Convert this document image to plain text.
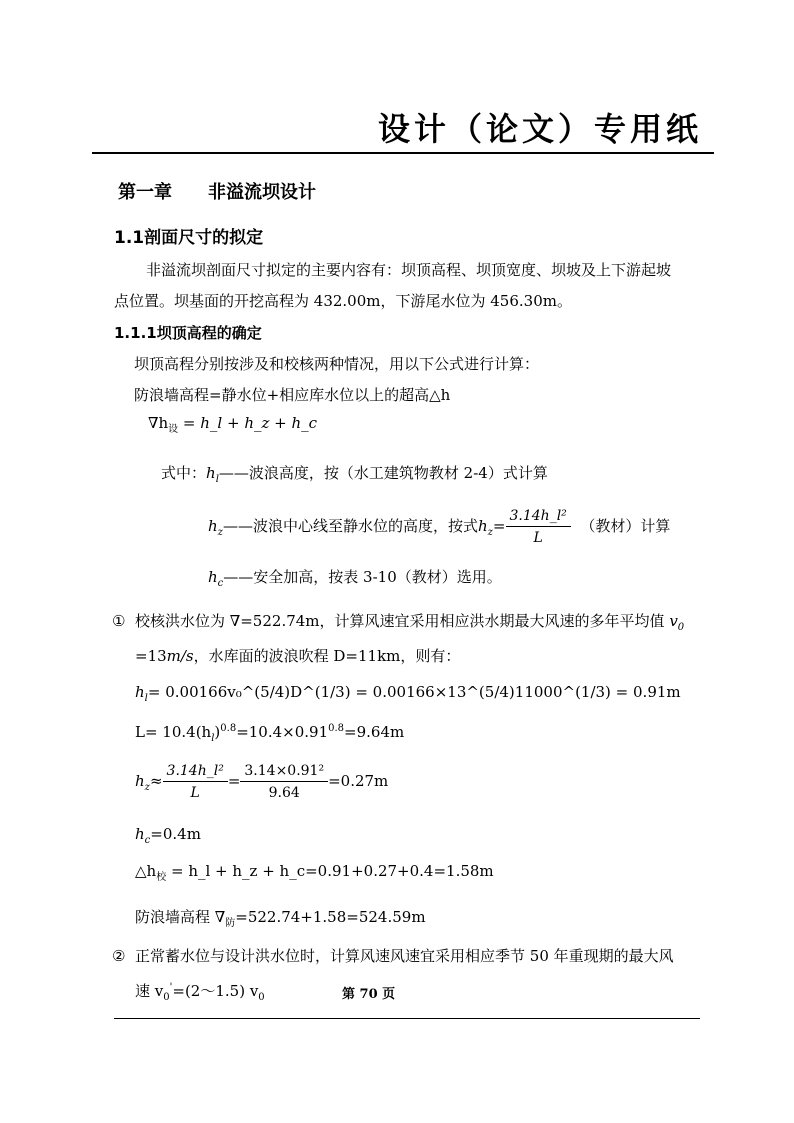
设计（论文）专用纸
第一章　　非溢流坝设计
1.1剖面尺寸的拟定
非溢流坝剖面尺寸拟定的主要内容有：坝顶高程、坝顶宽度、坝坡及上下游起坡
点位置。坝基面的开挖高程为 432.00m，下游尾水位为 456.30m。
1.1.1坝顶高程的确定
坝顶高程分别按涉及和校核两种情况，用以下公式进行计算：
防浪墙高程=静水位+相应库水位以上的超高△h
$\nabla h_设$ = h_l + h_z + h_c
式中：$h_l——$波浪高度，按（水工建筑物教材 2-4）式计算
$h_z——$波浪中心线至静水位的高度，按式$h_z= \frac{\text{3.14h\_l²}}{L}$ （教材）计算
$h_c——$安全加高，按表 3-10（教材）选用。
① 校核洪水位为 ∇=522.74m，计算风速宜采用相应洪水期最大风速的多年平均值 $v_0$
=13m/s，水库面的波浪吹程 D=11km，则有：
$h_l=$ 0.00166v₀^(5/4)D^(1/3) = 0.00166×13^(5/4)11000^(1/3) = 0.91m
$L= 10.4(h_l)^{0.8}=10.4\times 0.91^{0.8}=9.64m$
$h_z\approx \frac{\text{3.14h\_l²}}{L} = \frac{\text{3.14×0.91²}}{9.64} =0.27m$
$h_c=0.4m$
$\triangle h_校$ = h_l + h_z + h_c=0.91+0.27+0.4=1.58m
防浪墙高程 $\nabla_防=522.74+1.58=524.59m$
② 正常蓄水位与设计洪水位时，计算风速风速宜采用相应季节 50 年重现期的最大风
速 $v_0'=(2\sim 1.5)$ $v_0$	第 70 页
